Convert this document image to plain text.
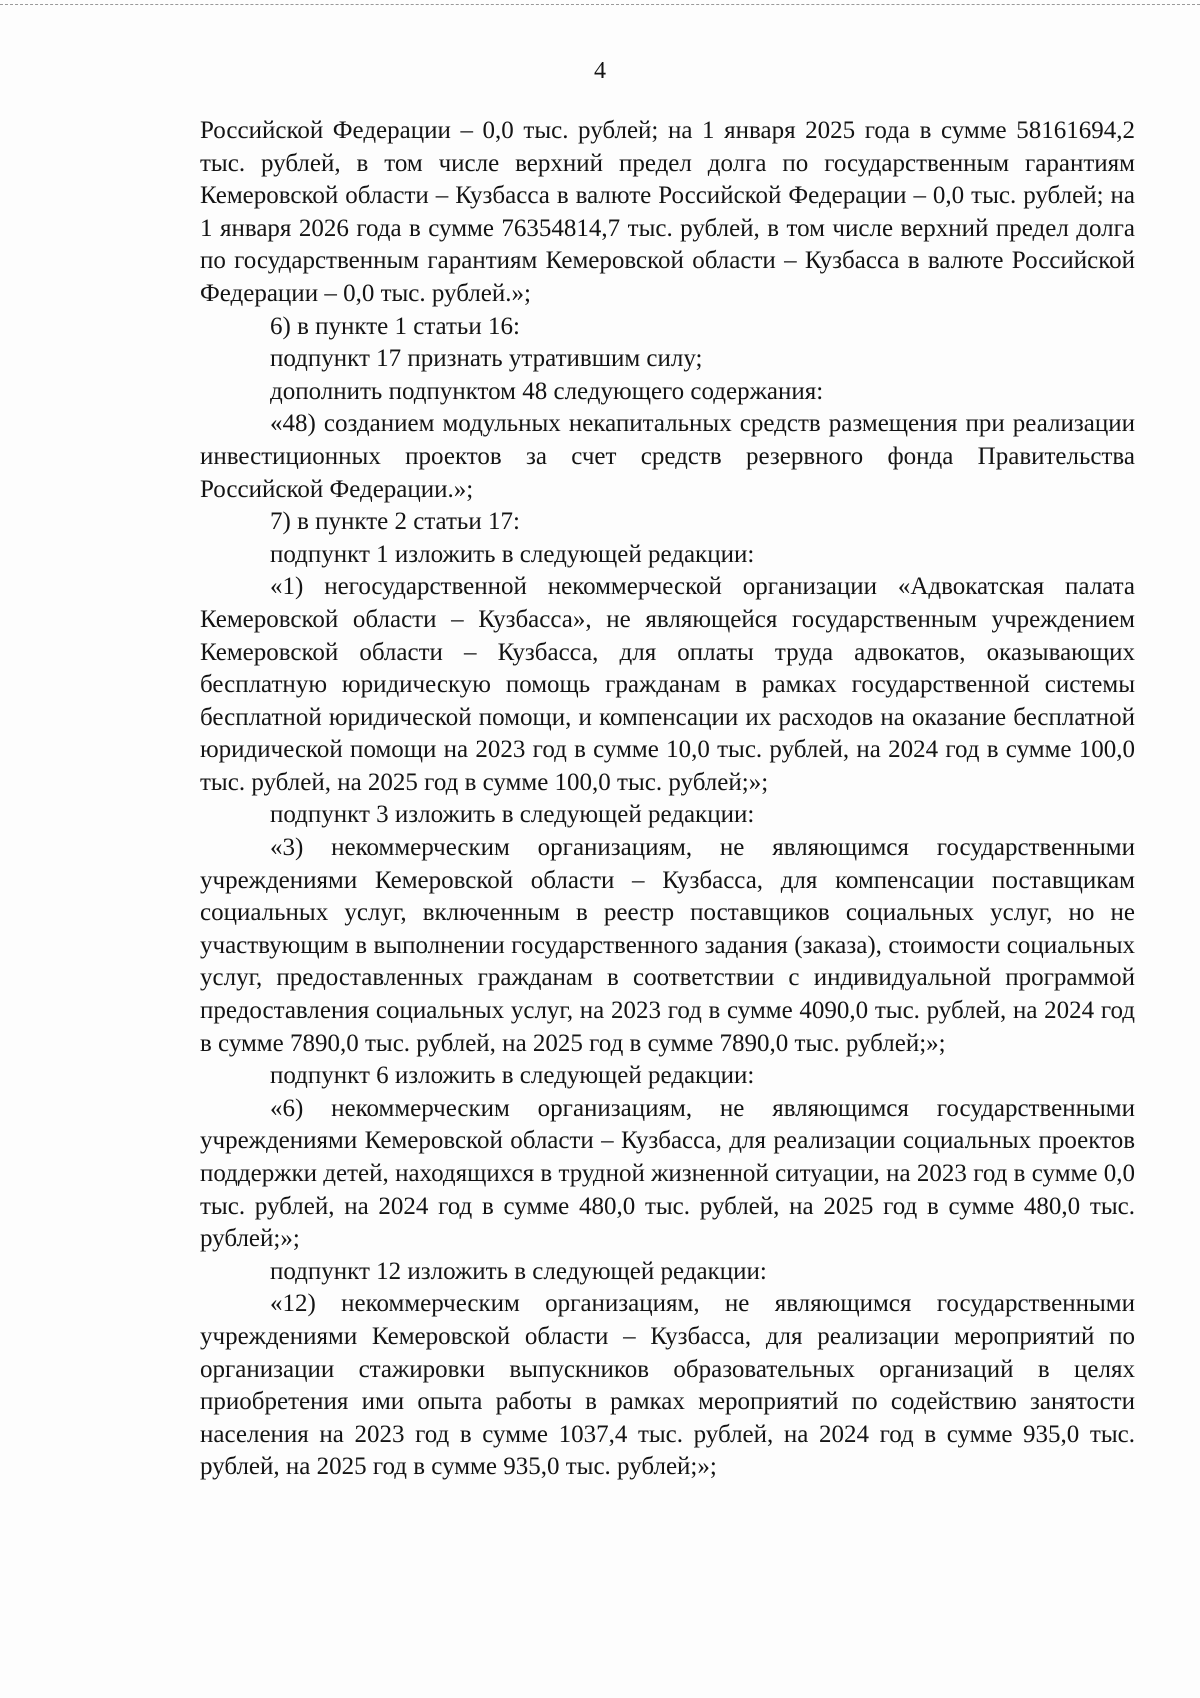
4

Российской Федерации – 0,0 тыс. рублей; на 1 января 2025 года в сумме 58161694,2 тыс. рублей, в том числе верхний предел долга по государственным гарантиям Кемеровской области – Кузбасса в валюте Российской Федерации – 0,0 тыс. рублей; на 1 января 2026 года в сумме 76354814,7 тыс. рублей, в том числе верхний предел долга по государственным гарантиям Кемеровской области – Кузбасса в валюте Российской Федерации – 0,0 тыс. рублей.»;

6) в пункте 1 статьи 16:

подпункт 17 признать утратившим силу;

дополнить подпунктом 48 следующего содержания:

«48) созданием модульных некапитальных средств размещения при реализации инвестиционных проектов за счет средств резервного фонда Правительства Российской Федерации.»;

7) в пункте 2 статьи 17:

подпункт 1 изложить в следующей редакции:

«1) негосударственной некоммерческой организации «Адвокатская палата Кемеровской области – Кузбасса», не являющейся государственным учреждением Кемеровской области – Кузбасса, для оплаты труда адвокатов, оказывающих бесплатную юридическую помощь гражданам в рамках государственной системы бесплатной юридической помощи, и компенсации их расходов на оказание бесплатной юридической помощи на 2023 год в сумме 10,0 тыс. рублей, на 2024 год в сумме 100,0 тыс. рублей, на 2025 год в сумме 100,0 тыс. рублей;»;

подпункт 3 изложить в следующей редакции:

«3) некоммерческим организациям, не являющимся государственными учреждениями Кемеровской области – Кузбасса, для компенсации поставщикам социальных услуг, включенным в реестр поставщиков социальных услуг, но не участвующим в выполнении государственного задания (заказа), стоимости социальных услуг, предоставленных гражданам в соответствии с индивидуальной программой предоставления социальных услуг, на 2023 год в сумме 4090,0 тыс. рублей, на 2024 год в сумме 7890,0 тыс. рублей, на 2025 год в сумме 7890,0 тыс. рублей;»;

подпункт 6 изложить в следующей редакции:

«6) некоммерческим организациям, не являющимся государственными учреждениями Кемеровской области – Кузбасса, для реализации социальных проектов поддержки детей, находящихся в трудной жизненной ситуации, на 2023 год в сумме 0,0 тыс. рублей, на 2024 год в сумме 480,0 тыс. рублей, на 2025 год в сумме 480,0 тыс. рублей;»;

подпункт 12 изложить в следующей редакции:

«12) некоммерческим организациям, не являющимся государственными учреждениями Кемеровской области – Кузбасса, для реализации мероприятий по организации стажировки выпускников образовательных организаций в целях приобретения ими опыта работы в рамках мероприятий по содействию занятости населения на 2023 год в сумме 1037,4 тыс. рублей, на 2024 год в сумме 935,0 тыс. рублей, на 2025 год в сумме 935,0 тыс. рублей;»;
